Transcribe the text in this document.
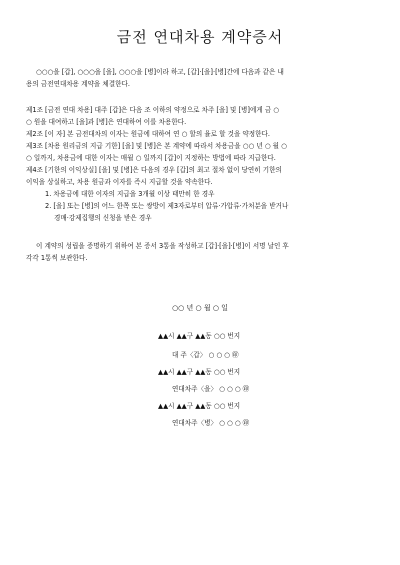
금전 연대차용 계약증서
○○○을 [갑], ○○○을 [을], ○○○을 [병]이라 하고, [갑]·[을]·[병]간에 다음과 같은 내
용의 금전연대차용 계약을 체결한다.
제1조 [금전 연대 차용] 대주 [갑]은 다음 조 이하의 약정으로 차주 [을] 및 [병]에게 금 ○
○ 원을 대여하고 [을]과 [병]은 연대하여 이를 차용한다.
제2조 [이 자] 본 금전대차의 이자는 원금에 대하여 연 ○ 할의 율로 할 것을 약정한다.
제3조 [차용 원리금의 지급 기한] [을] 및 [병]은 본 계약에 따라서 차용금을 ○○ 년 ○ 월 ○
○ 일까지, 차용금에 대한 이자는 매월 ○ 일까지 [갑]이 지정하는 방법에 따라 지급한다.
제4조 [기한의 이익상실] [을] 및 [병]은 다음의 경우 [갑]의 최고 절차 없이 당연히 기한의
이익을 상실하고, 차용 원금과 이자를 즉시 지급할 것을 약속한다.
1. 차용금에 대한 이자의 지급을 3개월 이상 태만히 한 경우
2. [을] 또는 [병]의 어느 한쪽 또는 쌍방이 제3자로부터 압류·가압류·가처분을 받거나
경매·강제집행의 신청을 받은 경우
이 계약의 성립을 증명하기 위하여 본 증서 3통을 작성하고 [갑]·[을]·[병]이 서명 날인 후
각각 1통씩 보관한다.
○○ 년 ○ 월 ○ 일
▲▲시 ▲▲구 ▲▲동 ○○ 번지
대 주〈갑〉 ○ ○ ○ ㊞
▲▲시 ▲▲구 ▲▲동 ○○ 번지
연대차주〈을〉 ○ ○ ○ ㊞
▲▲시 ▲▲구 ▲▲동 ○○ 번지
연대차주〈병〉 ○ ○ ○ ㊞
